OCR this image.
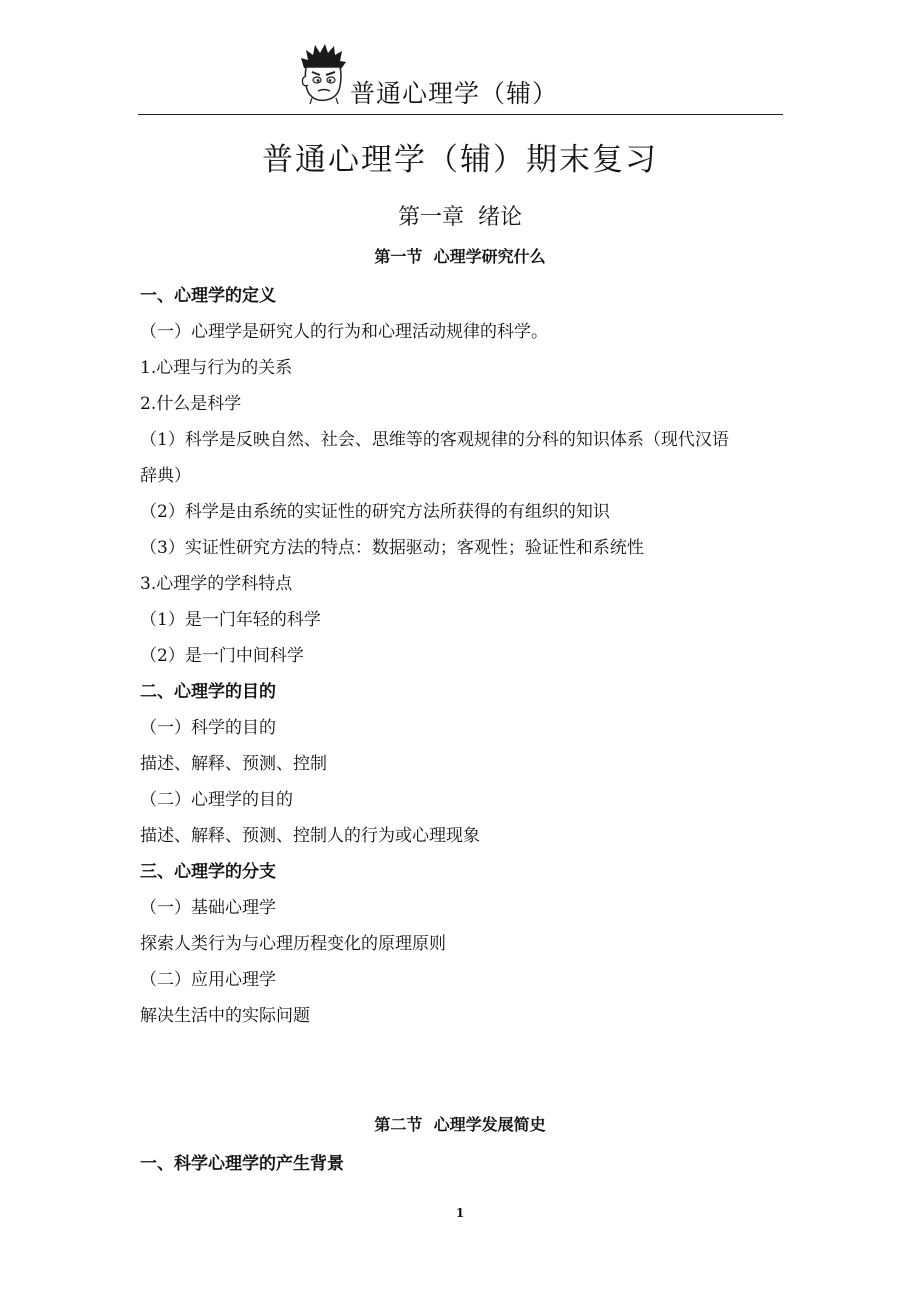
普通心理学（辅）
普通心理学（辅）期末复习
第一章  绪论
第一节  心理学研究什么
一、心理学的定义
（一）心理学是研究人的行为和心理活动规律的科学。
1.心理与行为的关系
2.什么是科学
（1）科学是反映自然、社会、思维等的客观规律的分科的知识体系（现代汉语
辞典）
（2）科学是由系统的实证性的研究方法所获得的有组织的知识
（3）实证性研究方法的特点：数据驱动；客观性；验证性和系统性
3.心理学的学科特点
（1）是一门年轻的科学
（2）是一门中间科学
二、心理学的目的
（一）科学的目的
描述、解释、预测、控制
（二）心理学的目的
描述、解释、预测、控制人的行为或心理现象
三、心理学的分支
（一）基础心理学
探索人类行为与心理历程变化的原理原则
（二）应用心理学
解决生活中的实际问题
第二节  心理学发展简史
一、科学心理学的产生背景
1
